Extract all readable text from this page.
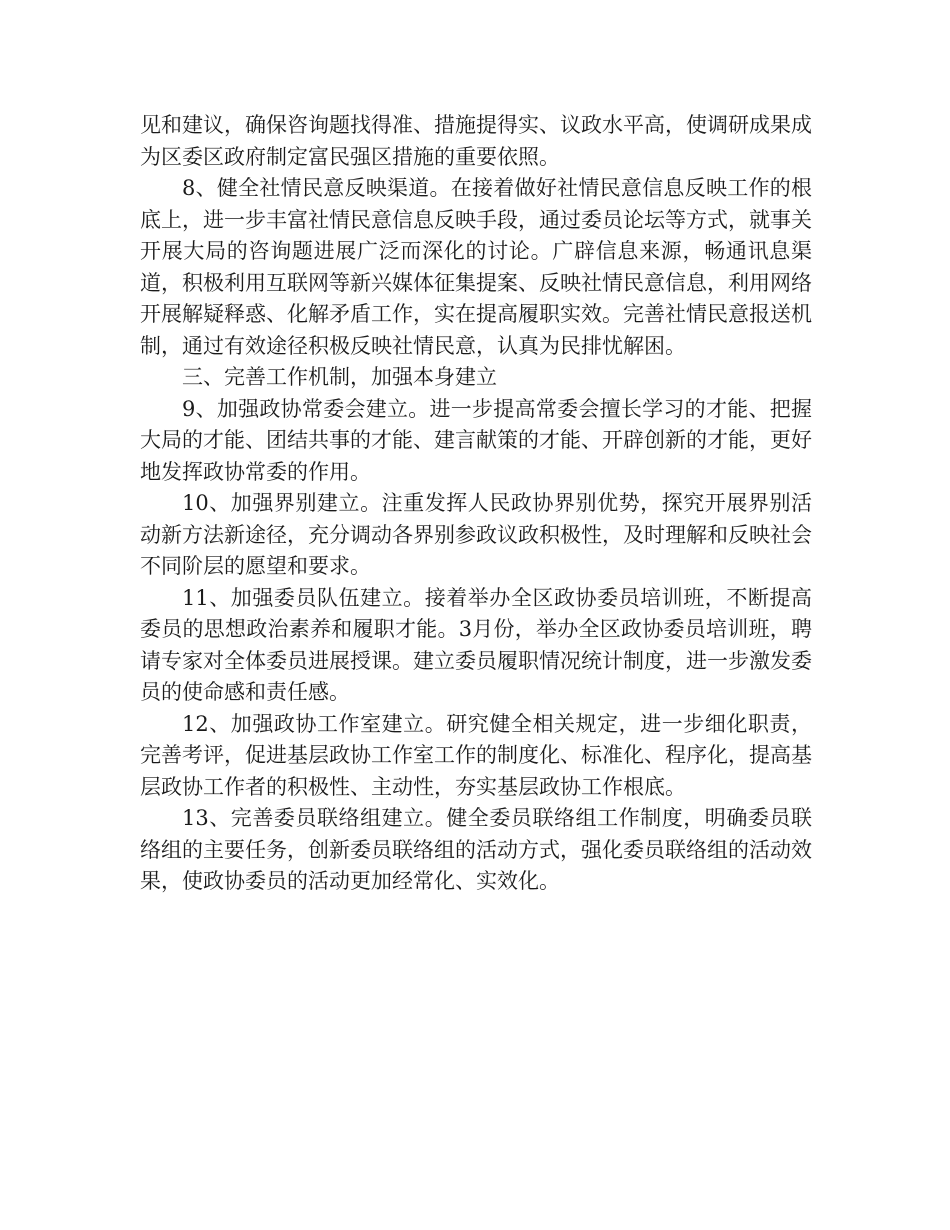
见和建议，确保咨询题找得准、措施提得实、议政水平高，使调研成果成为区委区政府制定富民强区措施的重要依照。

8、健全社情民意反映渠道。在接着做好社情民意信息反映工作的根底上，进一步丰富社情民意信息反映手段，通过委员论坛等方式，就事关开展大局的咨询题进展广泛而深化的讨论。广辟信息来源，畅通讯息渠道，积极利用互联网等新兴媒体征集提案、反映社情民意信息，利用网络开展解疑释惑、化解矛盾工作，实在提高履职实效。完善社情民意报送机制，通过有效途径积极反映社情民意，认真为民排忧解困。

三、完善工作机制，加强本身建立

9、加强政协常委会建立。进一步提高常委会擅长学习的才能、把握大局的才能、团结共事的才能、建言献策的才能、开辟创新的才能，更好地发挥政协常委的作用。

10、加强界别建立。注重发挥人民政协界别优势，探究开展界别活动新方法新途径，充分调动各界别参政议政积极性，及时理解和反映社会不同阶层的愿望和要求。

11、加强委员队伍建立。接着举办全区政协委员培训班，不断提高委员的思想政治素养和履职才能。3月份，举办全区政协委员培训班，聘请专家对全体委员进展授课。建立委员履职情况统计制度，进一步激发委员的使命感和责任感。

12、加强政协工作室建立。研究健全相关规定，进一步细化职责，完善考评，促进基层政协工作室工作的制度化、标准化、程序化，提高基层政协工作者的积极性、主动性，夯实基层政协工作根底。

13、完善委员联络组建立。健全委员联络组工作制度，明确委员联络组的主要任务，创新委员联络组的活动方式，强化委员联络组的活动效果，使政协委员的活动更加经常化、实效化。
